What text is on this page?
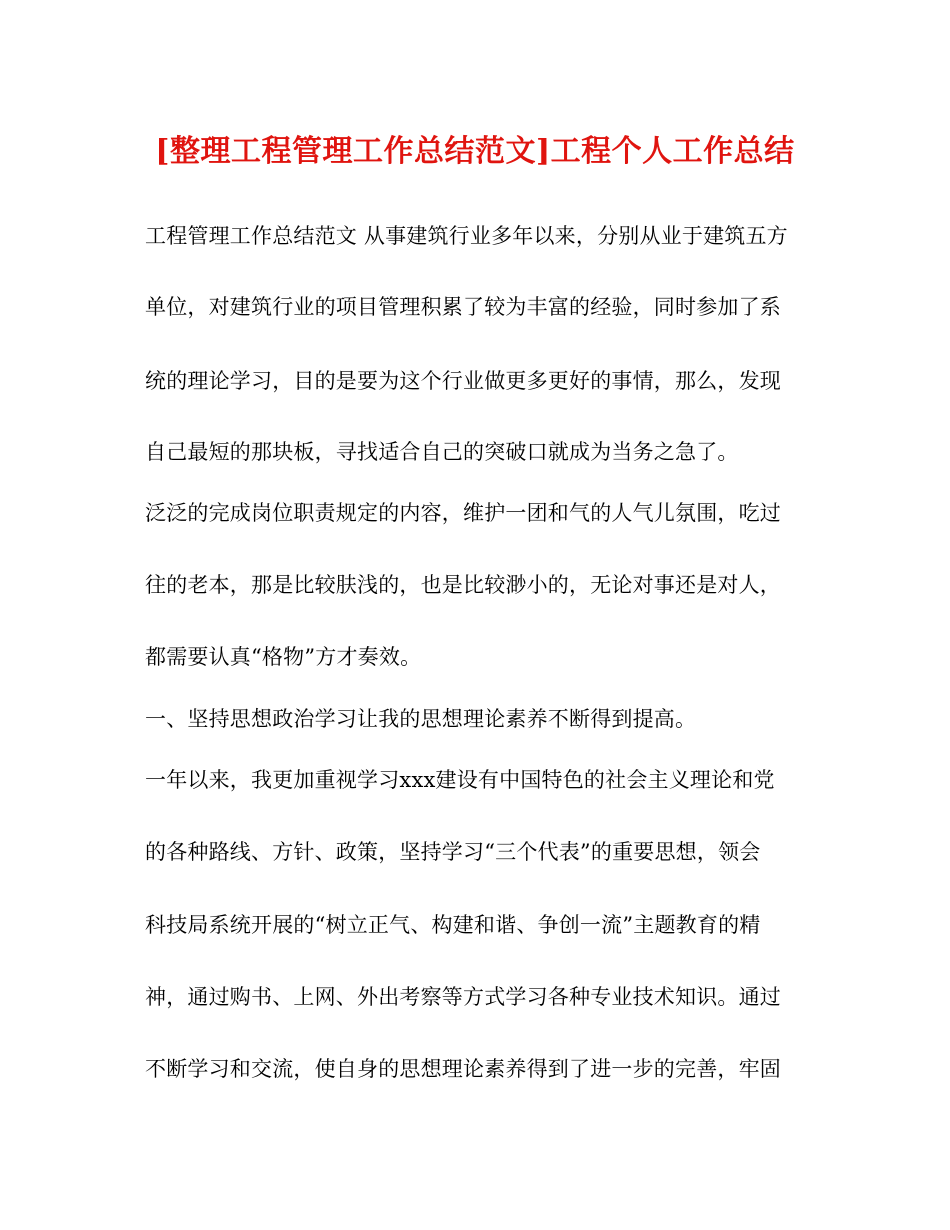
[整理工程管理工作总结范文]工程个人工作总结
工程管理工作总结范文 从事建筑行业多年以来，分别从业于建筑五方
单位，对建筑行业的项目管理积累了较为丰富的经验，同时参加了系
统的理论学习，目的是要为这个行业做更多更好的事情，那么，发现
自己最短的那块板，寻找适合自己的突破口就成为当务之急了。
泛泛的完成岗位职责规定的内容，维护一团和气的人气儿氛围，吃过
往的老本，那是比较肤浅的，也是比较渺小的，无论对事还是对人，
都需要认真“格物”方才奏效。
一、坚持思想政治学习让我的思想理论素养不断得到提高。
一年以来，我更加重视学习xxx建设有中国特色的社会主义理论和党
的各种路线、方针、政策，坚持学习“三个代表”的重要思想，领会
科技局系统开展的“树立正气、构建和谐、争创一流”主题教育的精
神，通过购书、上网、外出考察等方式学习各种专业技术知识。通过
不断学习和交流，使自身的思想理论素养得到了进一步的完善，牢固
